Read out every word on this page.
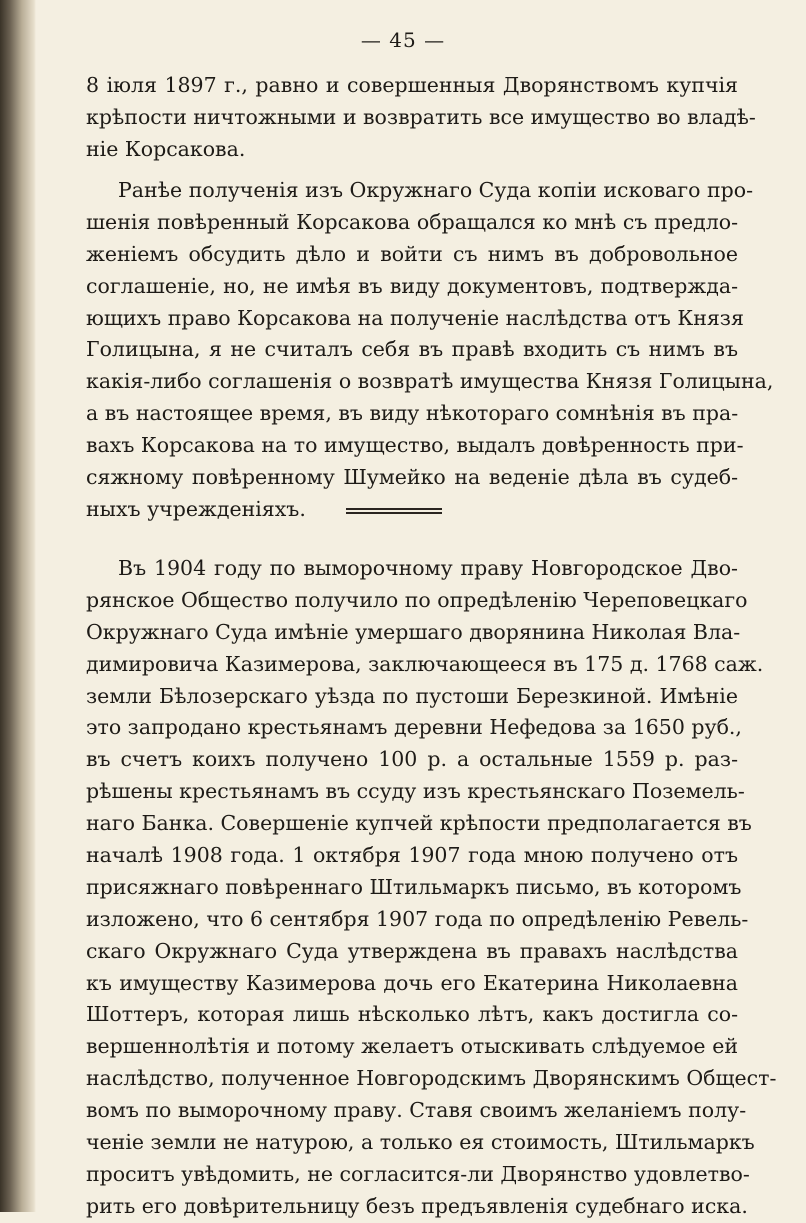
— 45 —
8 іюля 1897 г., равно и совершенныя Дворянствомъ купчія
крѣпости ничтожными и возвратить все имущество во владѣ-
ніе Корсакова.
Ранѣе полученія изъ Окружнаго Суда копіи исковаго про-
шенія повѣренный Корсакова обращался ко мнѣ съ предло-
женіемъ обсудить дѣло и войти съ нимъ въ добровольное
соглашеніе, но, не имѣя въ виду документовъ, подтвержда-
ющихъ право Корсакова на полученіе наслѣдства отъ Князя
Голицына, я не считалъ себя въ правѣ входить съ нимъ въ
какія-либо соглашенія о возвратѣ имущества Князя Голицына,
а въ настоящее время, въ виду нѣкотораго сомнѣнія въ пра-
вахъ Корсакова на то имущество, выдалъ довѣренность при-
сяжному повѣренному Шумейко на веденіе дѣла въ судеб-
ныхъ учрежденіяхъ.
Въ 1904 году по выморочному праву Новгородское Дво-
рянское Общество получило по опредѣленію Череповецкаго
Окружнаго Суда имѣніе умершаго дворянина Николая Вла-
димировича Казимерова, заключающееся въ 175 д. 1768 саж.
земли Бѣлозерскаго уѣзда по пустоши Березкиной. Имѣніе
это запродано крестьянамъ деревни Нефедова за 1650 руб.,
въ счетъ коихъ получено 100 р. а остальные 1559 р. раз-
рѣшены крестьянамъ въ ссуду изъ крестьянскаго Поземель-
наго Банка. Совершеніе купчей крѣпости предполагается въ
началѣ 1908 года. 1 октября 1907 года мною получено отъ
присяжнаго повѣреннаго Штильмаркъ письмо, въ которомъ
изложено, что 6 сентября 1907 года по опредѣленію Ревель-
скаго Окружнаго Суда утверждена въ правахъ наслѣдства
къ имуществу Казимерова дочь его Екатерина Николаевна
Шоттеръ, которая лишь нѣсколько лѣтъ, какъ достигла со-
вершеннолѣтія и потому желаетъ отыскивать слѣдуемое ей
наслѣдство, полученное Новгородскимъ Дворянскимъ Общест-
вомъ по выморочному праву. Ставя своимъ желаніемъ полу-
ченіе земли не натурою, а только ея стоимость, Штильмаркъ
проситъ увѣдомить, не согласится-ли Дворянство удовлетво-
рить его довѣрительницу безъ предъявленія судебнаго иска.
